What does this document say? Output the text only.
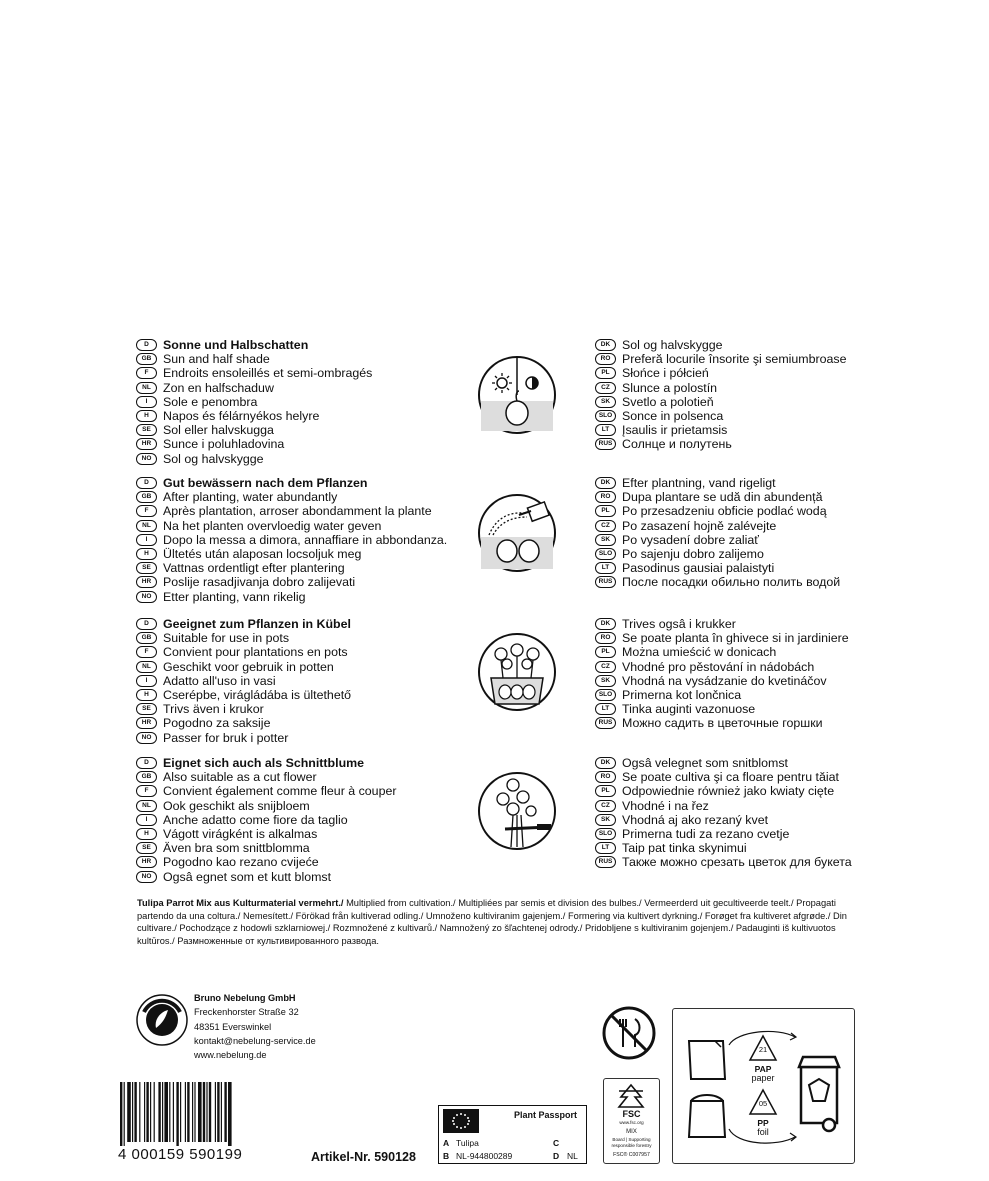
D	Sonne und Halbschatten
GB Sun and half shade
F	Endroits ensoleillés et semi-ombragés
NL Zon en halfschaduw
I	Sole e penombra
H	Napos és félárnyékos helyre
SE Sol eller halvskugga
HR Sunce i poluhladovina
NO Sol og halvskygge
DK Sol og halvskygge
RO Preferă locurile însorite şi semiumbroase
PL Słońce i półcień
CZ Slunce a polostín
SK Svetlo a polotieň
SLO Sonce in polsenca
LT	Įsaulis ir prietamsis
RUS Солнце и полутень
D	Gut bewässern nach dem Pflanzen
GB After planting, water abundantly
F	Après plantation, arroser abondamment la plante
NL Na het planten overvloedig water geven
I	Dopo la messa a dimora, annaffiare in abbondanza.
H	Ültetés után alaposan locsoljuk meg
SE Vattnas ordentligt efter plantering
HR Poslije rasadjivanja dobro zalijevati
NO Etter planting, vann rikelig
DK Efter plantning, vand rigeligt
RO Dupa plantare se udă din abundență
PL Po przesadzeniu obficie podlać wodą
CZ Po zasazení hojně zalévejte
SK Po vysadení dobre zaliať
SLO Po sajenju dobro zalijemo
LT	Pasodinus gausiai palaistyti
RUS После посадки обильно полить водой
D	Geeignet zum Pflanzen in Kübel
GB Suitable for use in pots
F	Convient pour plantations en pots
NL Geschikt voor gebruik in potten
I	Adatto all'uso in vasi
H	Cserépbe, virágládába is ültethető
SE Trivs även i krukor
HR Pogodno za saksije
NO Passer for bruk i potter
DK Trives ogsâ i krukker
RO Se poate planta în ghivece si in jardiniere
PL Można umieścić w donicach
CZ Vhodné pro pěstování in nádobách
SK Vhodná na vysádzanie do kvetináčov
SLO Primerna kot lončnica
LT	Tinka auginti vazonuose
RUS Можно садить в цветочные горшки
D	Eignet sich auch als Schnittblume
GB Also suitable as a cut flower
F	Convient également comme fleur à couper
NL Ook geschikt als snijbloem
I	Anche adatto come fiore da taglio
H	Vágott virágként is alkalmas
SE Även bra som snittblomma
HR Pogodno kao rezano cvijeće
NO Ogsâ egnet som et kutt blomst
DK Ogsâ velegnet som snitblomst
RO Se poate cultiva şi ca floare pentru tăiat
PL Odpowiednie również jako kwiaty cięte
CZ Vhodné i na řez
SK Vhodná aj ako rezaný kvet
SLO Primerna tudi za rezano cvetje
LT	Taip pat tinka skynimui
RUS Также можно срезать цветок для букета
Tulipa Parrot Mix aus Kulturmaterial vermehrt./ Multiplied from cultivation./ Multipliées par semis et division des bulbes./ Vermeerderd uit gecultiveerde teelt./ Propagati partendo da una coltura./ Nemesített./ Förökad från kultiverad odling./ Umnoženo kultiviranim gajenjem./ Formering via kultivert dyrkning./ Forøget fra kultiveret afgrøde./ Din cultivare./ Pochodzące z hodowli szklarniowej./ Rozmnožené z kultivarů./ Namnožený zo šľachtenej odrody./ Pridobljene s kultiviranim gojenjem./ Padauginti iš kultivuotos kultūros./ Размноженные от культивированного развода.
Bruno Nebelung GmbH
Freckenhorster Straße 32
48351 Everswinkel
kontakt@nebelung-service.de
www.nebelung.de
4 000159 590199	Artikel-Nr. 590128
Plant Passport
A Tulipa
B NL-944800289
C
D NL
FSC
www.fsc.org
MIX
Board | Supporting responsible forestry
FSC® C007957
21
PAP
paper
05
PP
foil
